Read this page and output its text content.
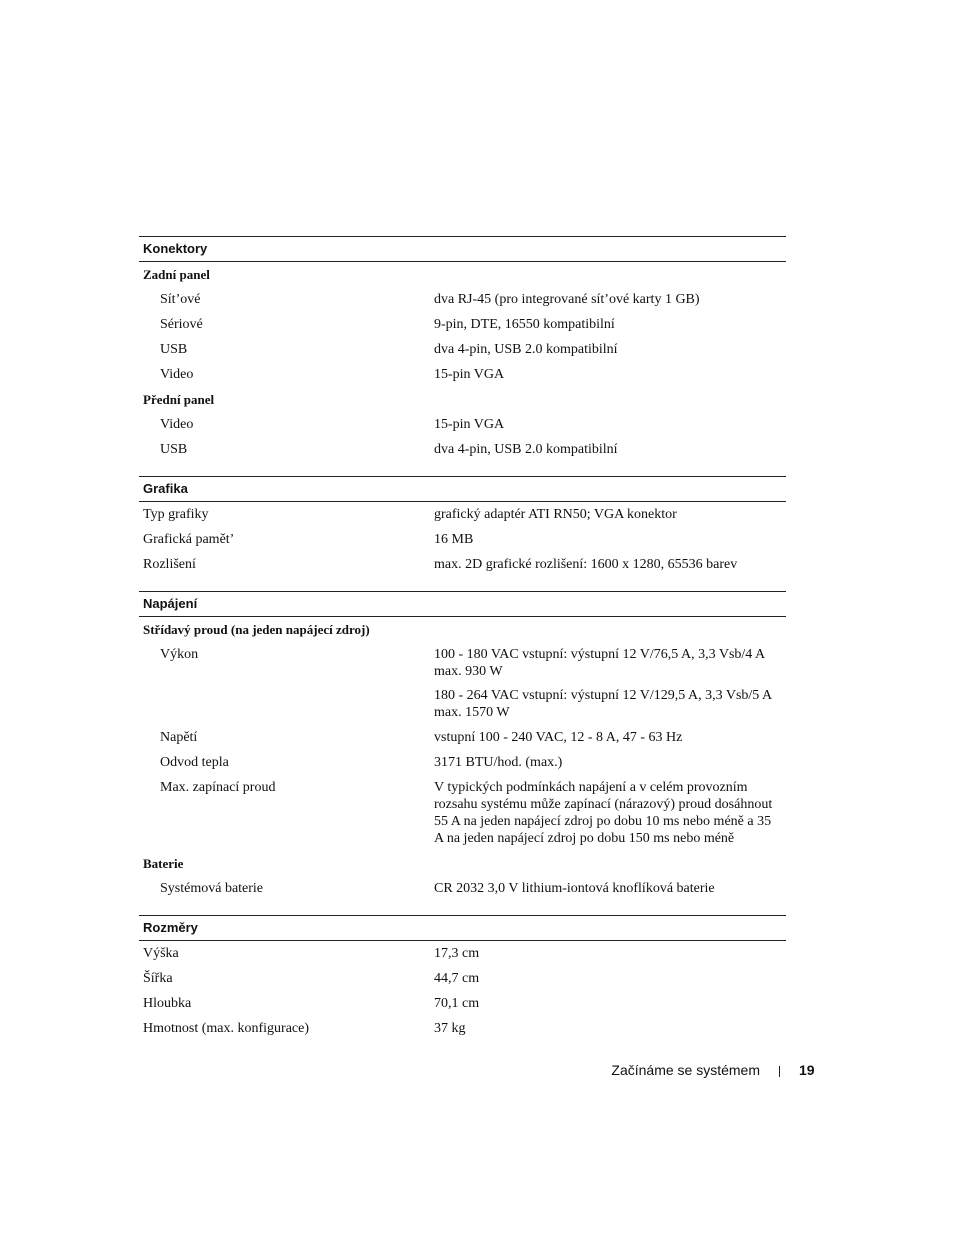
Konektory
Zadní panel
Sít’ové	dva RJ-45 (pro integrované sít’ové karty 1 GB)
Sériové	9-pin, DTE, 16550 kompatibilní
USB	dva 4-pin, USB 2.0 kompatibilní
Video	15-pin VGA
Přední panel
Video	15-pin VGA
USB	dva 4-pin, USB 2.0 kompatibilní
Grafika
Typ grafiky	grafický adaptér ATI RN50; VGA konektor
Grafická pamět’	16 MB
Rozlišení	max. 2D grafické rozlišení: 1600 x 1280, 65536 barev
Napájení
Střídavý proud (na jeden napájecí zdroj)
Výkon	100 - 180 VAC vstupní: výstupní 12 V/76,5 A, 3,3 Vsb/4 A max. 930 W
180 - 264 VAC vstupní: výstupní 12 V/129,5 A, 3,3 Vsb/5 A max. 1570 W
Napětí	vstupní 100 - 240 VAC, 12 - 8 A, 47 - 63 Hz
Odvod tepla	3171 BTU/hod. (max.)
Max. zapínací proud	V typických podmínkách napájení a v celém provozním rozsahu systému může zapínací (nárazový) proud dosáhnout 55 A na jeden napájecí zdroj po dobu 10 ms nebo méně a 35 A na jeden napájecí zdroj po dobu 150 ms nebo méně
Baterie
Systémová baterie	CR 2032 3,0 V lithium-iontová knoflíková baterie
Rozměry
Výška	17,3 cm
Šířka	44,7 cm
Hloubka	70,1 cm
Hmotnost (max. konfigurace)	37 kg
Začínáme se systémem	19
